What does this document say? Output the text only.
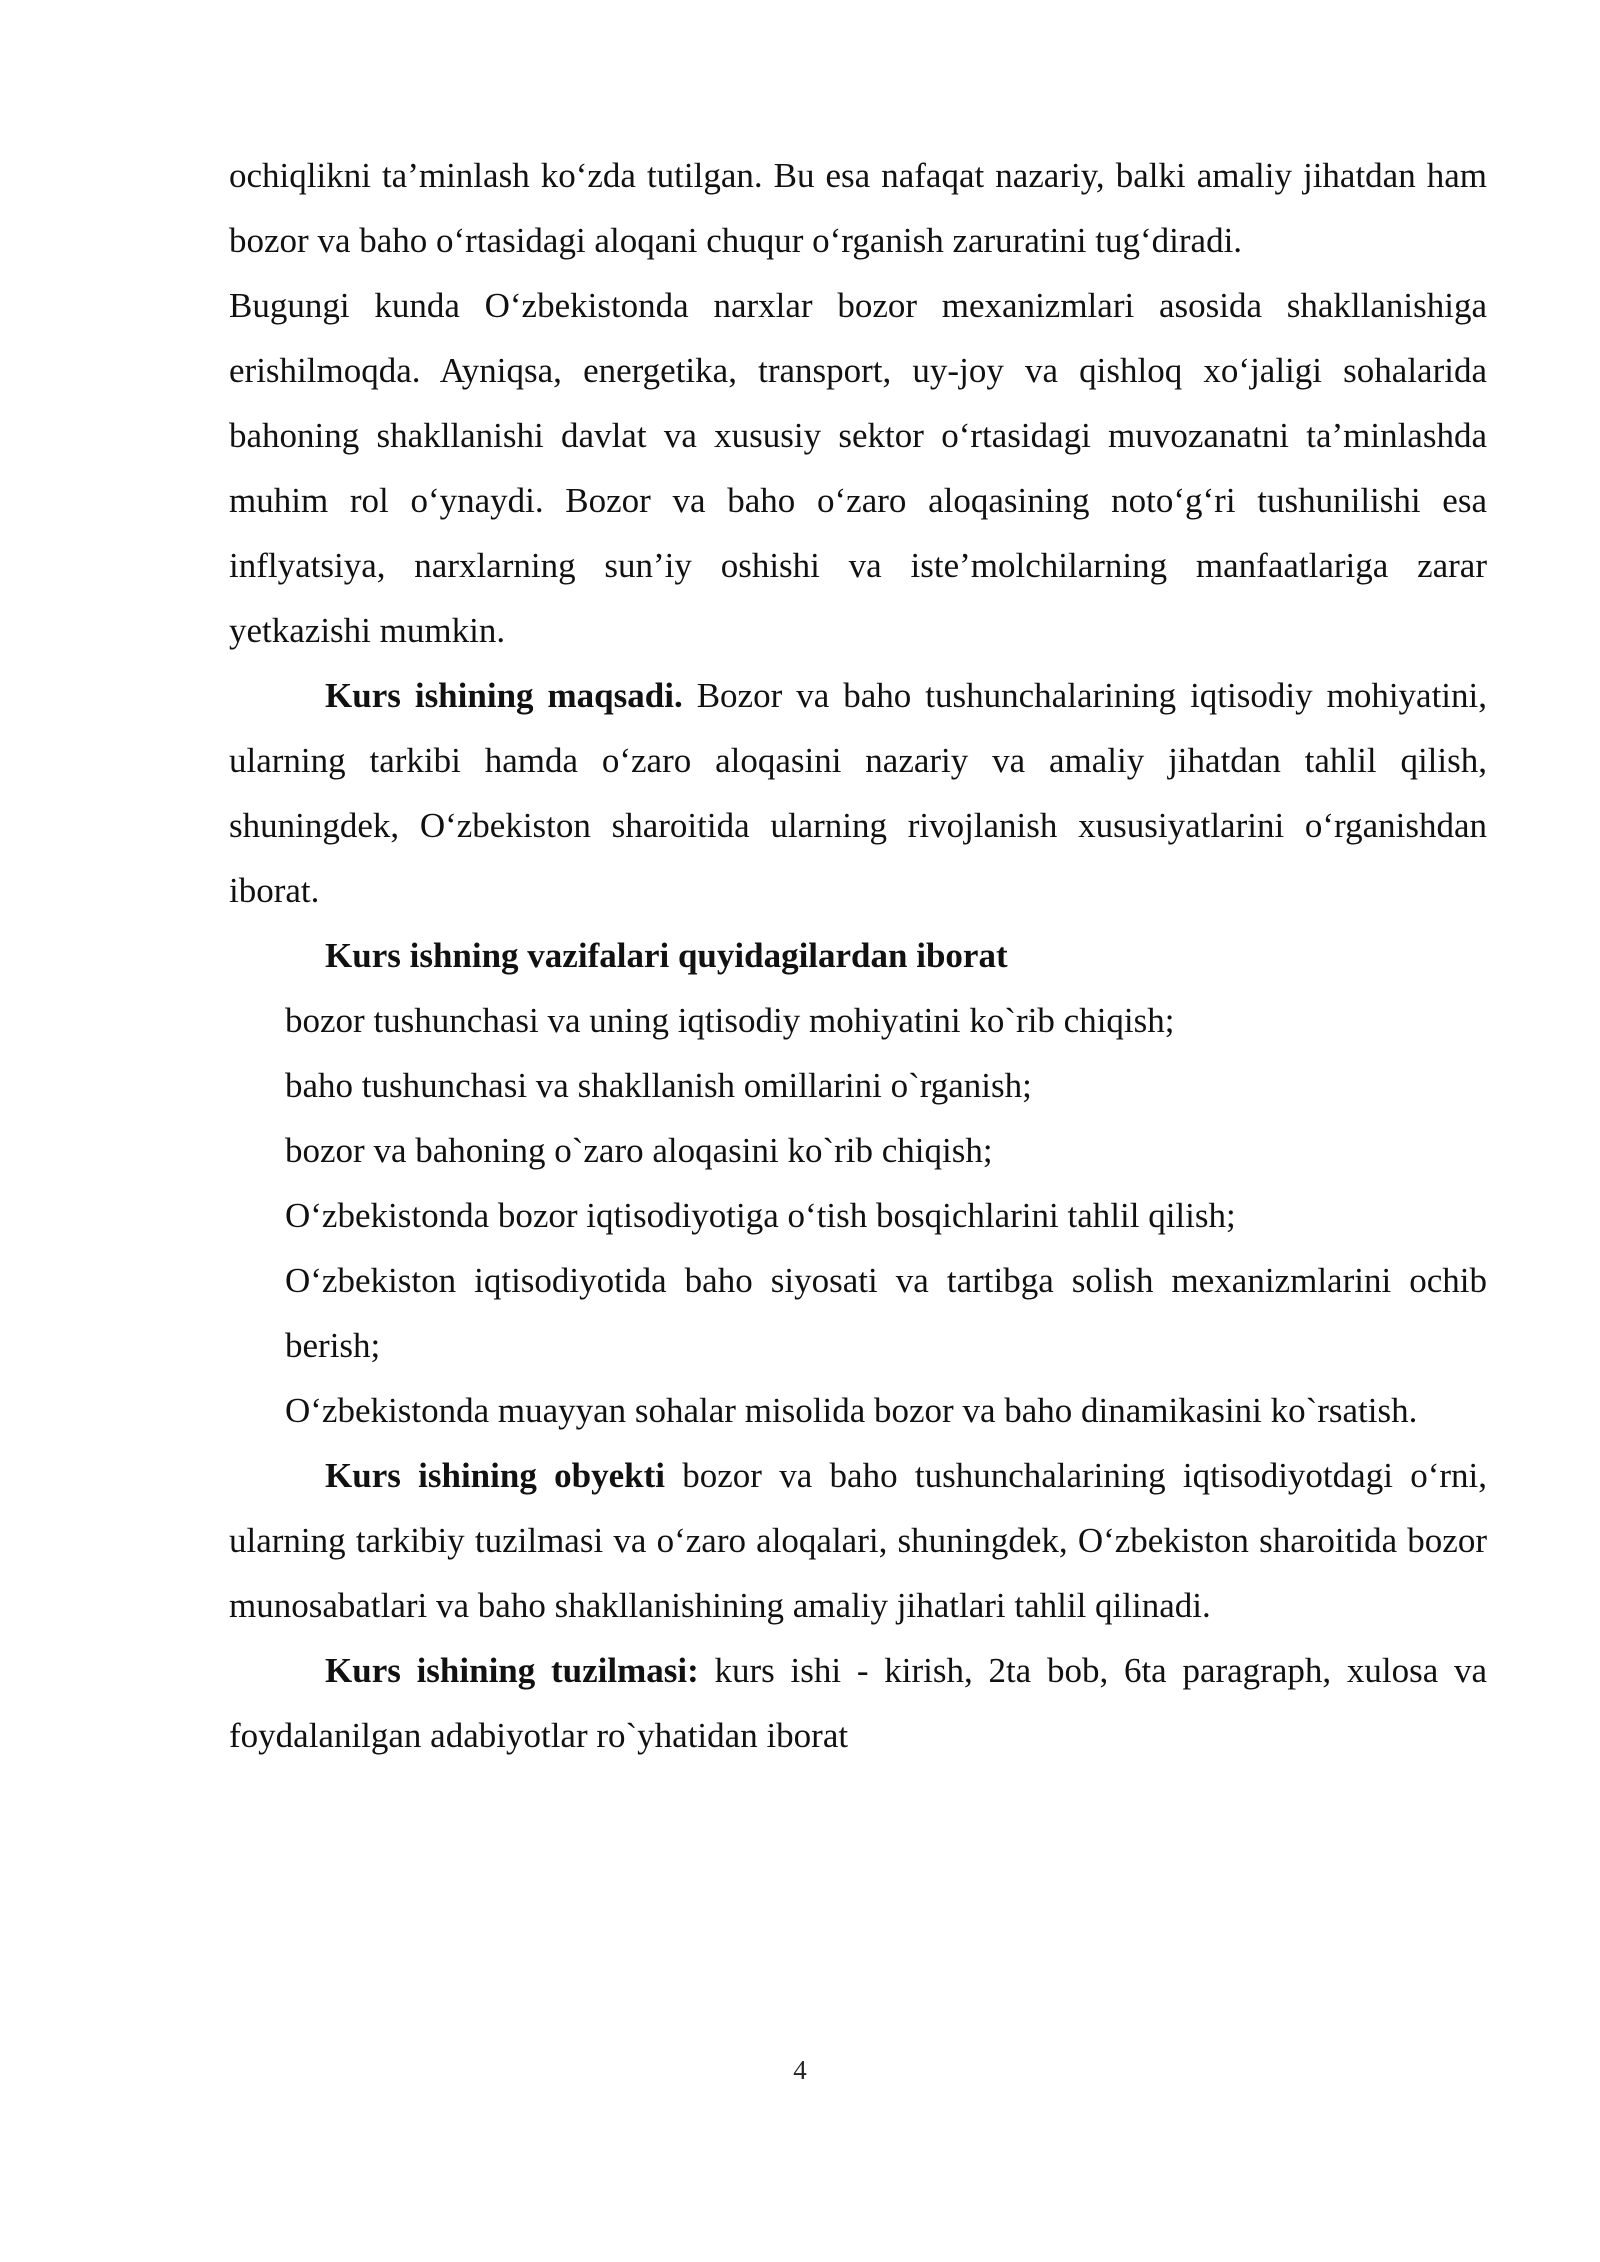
ochiqlikni ta’minlash ko‘zda tutilgan. Bu esa nafaqat nazariy, balki amaliy jihatdan ham bozor va baho o‘rtasidagi aloqani chuqur o‘rganish zaruratini tug‘diradi.

Bugungi kunda O‘zbekistonda narxlar bozor mexanizmlari asosida shakllanishiga erishilmoqda. Ayniqsa, energetika, transport, uy-joy va qishloq xo‘jaligi sohalarida bahoning shakllanishi davlat va xususiy sektor o‘rtasidagi muvozanatni ta’minlashda muhim rol o‘ynaydi. Bozor va baho o‘zaro aloqasining noto‘g‘ri tushunilishi esa inflyatsiya, narxlarning sun’iy oshishi va iste’molchilarning manfaatlariga zarar yetkazishi mumkin.

Kurs ishining maqsadi. Bozor va baho tushunchalarining iqtisodiy mohiyatini, ularning tarkibi hamda o‘zaro aloqasini nazariy va amaliy jihatdan tahlil qilish, shuningdek, O‘zbekiston sharoitida ularning rivojlanish xususiyatlarini o‘rganishdan iborat.

Kurs ishning vazifalari quyidagilardan iborat

bozor tushunchasi va uning iqtisodiy mohiyatini ko`rib chiqish;
baho tushunchasi va shakllanish omillarini o`rganish;
bozor va bahoning o`zaro aloqasini ko`rib chiqish;
O‘zbekistonda bozor iqtisodiyotiga o‘tish bosqichlarini tahlil qilish;
O‘zbekiston iqtisodiyotida baho siyosati va tartibga solish mexanizmlarini ochib berish;
O‘zbekistonda muayyan sohalar misolida bozor va baho dinamikasini ko`rsatish.

Kurs ishining obyekti bozor va baho tushunchalarining iqtisodiyotdagi o‘rni, ularning tarkibiy tuzilmasi va o‘zaro aloqalari, shuningdek, O‘zbekiston sharoitida bozor munosabatlari va baho shakllanishining amaliy jihatlari tahlil qilinadi.

Kurs ishining tuzilmasi: kurs ishi - kirish, 2ta bob, 6ta paragraph, xulosa va foydalanilgan adabiyotlar ro`yhatidan iborat

4
